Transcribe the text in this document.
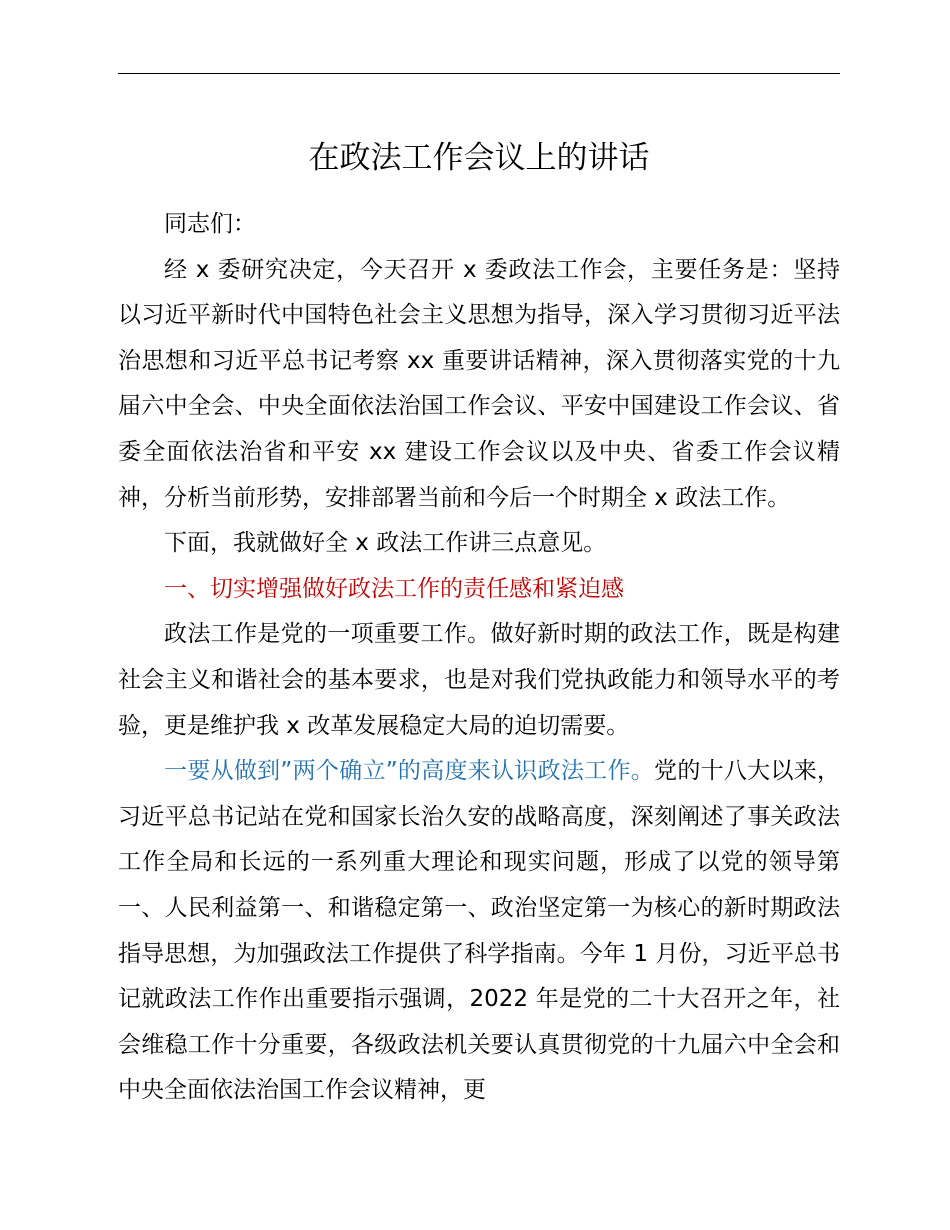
在政法工作会议上的讲话

同志们：

经 x 委研究决定，今天召开 x 委政法工作会，主要任务是：坚持以习近平新时代中国特色社会主义思想为指导，深入学习贯彻习近平法治思想和习近平总书记考察 xx 重要讲话精神，深入贯彻落实党的十九届六中全会、中央全面依法治国工作会议、平安中国建设工作会议、省委全面依法治省和平安 xx 建设工作会议以及中央、省委工作会议精神，分析当前形势，安排部署当前和今后一个时期全 x 政法工作。

下面，我就做好全 x 政法工作讲三点意见。

一、切实增强做好政法工作的责任感和紧迫感

政法工作是党的一项重要工作。做好新时期的政法工作，既是构建社会主义和谐社会的基本要求，也是对我们党执政能力和领导水平的考验，更是维护我 x 改革发展稳定大局的迫切需要。

一要从做到”两个确立”的高度来认识政法工作。党的十八大以来，习近平总书记站在党和国家长治久安的战略高度，深刻阐述了事关政法工作全局和长远的一系列重大理论和现实问题，形成了以党的领导第一、人民利益第一、和谐稳定第一、政治坚定第一为核心的新时期政法指导思想，为加强政法工作提供了科学指南。今年 1 月份，习近平总书记就政法工作作出重要指示强调，2022 年是党的二十大召开之年，社会维稳工作十分重要，各级政法机关要认真贯彻党的十九届六中全会和中央全面依法治国工作会议精神，更
